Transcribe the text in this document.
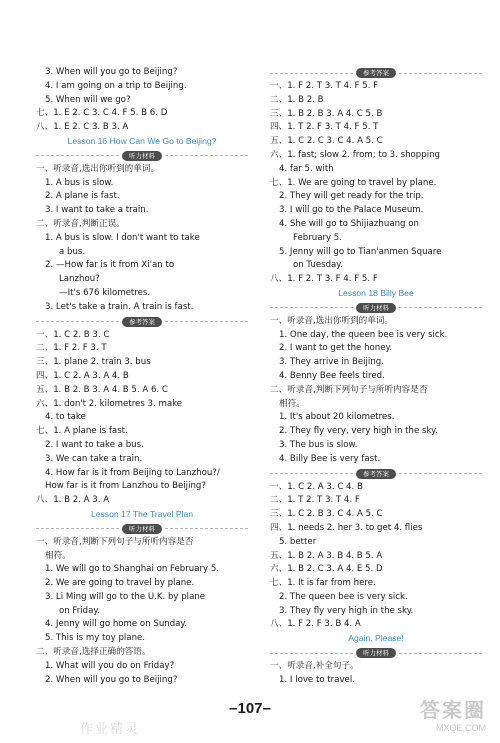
3. When will you go to Beijing?
4. I am going on a trip to Beijing.
5. When will we go?
七、1. E 2. C 3. C 4. F 5. B 6. D
八、1. E 2. C 3. B 3. A
Lesson 16 How Can We Go to Beijing?
听力材料
一、听录音,选出你听到的单词。
1. A bus is slow.
2. A plane is fast.
3. I want to take a train.
二、听录音,判断正误。
1. A bus is slow. I don't want to take
a bus.
2. —How far is it from Xi'an to
Lanzhou?
—It's 676 kilometres.
3. Let's take a train. A train is fast.
参考答案
一、1. C 2. B 3. C
二、1. F 2. F 3. T
三、1. plane 2. train 3. bus
四、1. C 2. A 3. A 4. B
五、1. B 2. B 3. A 4. B 5. A 6. C
六、1. don't 2. kilometres 3. make
4. to take
七、1. A plane is fast.
2. I want to take a bus.
3. We can take a train.
4. How far is it from Beijing to Lanzhou?/
How far is it from Lanzhou to Beijing?
八、1. B 2. A 3. A
Lesson 17 The Travel Plan
听力材料
一、听录音,判断下列句子与所听内容是否
相符。
1. We will go to Shanghai on February 5.
2. We are going to travel by plane.
3. Li Ming will go to the U.K. by plane
on Friday.
4. Jenny will go home on Sunday.
5. This is my toy plane.
二、听录音,选择正确的答语。
1. What will you do on Friday?
2. When will you go to Beijing?
参考答案
一、1. F 2. T 3. T 4. F 5. F
二、1. B 2. B
三、1. B 2. B 3. A 4. C 5. B
四、1. T 2. F 3. T 4. F 5. T
五、1. C 2. C 3. C 4. A 5. C
六、1. fast; slow 2. from; to 3. shopping
4. far 5. with
七、1. We are going to travel by plane.
2. They will get ready for the trip.
3. I will go to the Palace Museum.
4. She will go to Shijiazhuang on
February 5.
5. Jenny will go to Tian'anmen Square
on Tuesday.
八、1. F 2. T 3. F 4. F 5. F
Lesson 18 Billy Bee
听力材料
一、听录音,选出你听到的单词。
1. One day, the queen bee is very sick.
2. I want to get the honey.
3. They arrive in Beijing.
4. Benny Bee feels tired.
二、听录音,判断下列句子与所听内容是否
相符。
1. It's about 20 kilometres.
2. They fly very, very high in the sky.
3. The bus is slow.
4. Billy Bee is very fast.
参考答案
一、1. C 2. A 3. C 4. B
二、1. T 2. T 3. T 4. F
三、1. C 2. B 3. C 4. A 5. C
四、1. needs 2. her 3. to get 4. flies
5. better
五、1. B 2. A 3. B 4. B 5. A
六、1. B 2. C 3. A 4. E 5. D
七、1. It is far from here.
2. The queen bee is very sick.
3. They fly very high in the sky.
八、1. F 2. F 3. B 4. A
Again, Please!
听力材料
一、听录音,补全句子。
1. I love to travel.
–107–
作业精灵
答案圈
MXQE.COM
